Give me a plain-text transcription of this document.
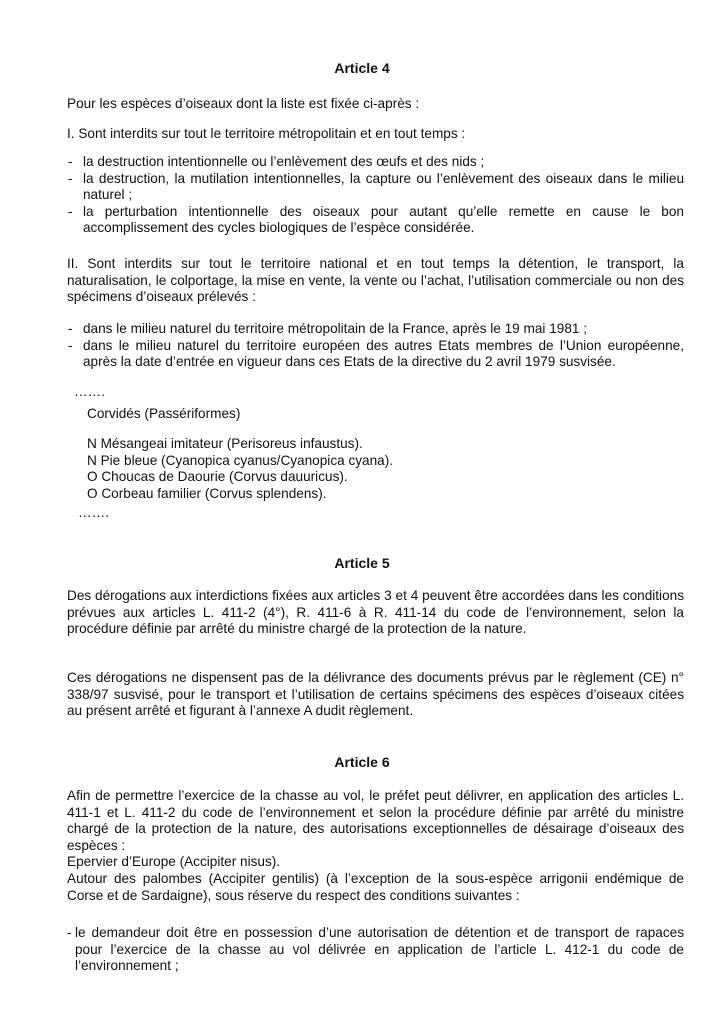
Article 4

Pour les espèces d’oiseaux dont la liste est fixée ci-après :

I. Sont interdits sur tout le territoire métropolitain et en tout temps :

- la destruction intentionnelle ou l’enlèvement des œufs et des nids ;
- la destruction, la mutilation intentionnelles, la capture ou l’enlèvement des oiseaux dans le milieu naturel ;
- la perturbation intentionnelle des oiseaux pour autant qu’elle remette en cause le bon accomplissement des cycles biologiques de l’espèce considérée.

II. Sont interdits sur tout le territoire national et en tout temps la détention, le transport, la naturalisation, le colportage, la mise en vente, la vente ou l’achat, l’utilisation commerciale ou non des spécimens d’oiseaux prélevés :

- dans le milieu naturel du territoire métropolitain de la France, après le 19 mai 1981 ;
- dans le milieu naturel du territoire européen des autres Etats membres de l’Union européenne, après la date d’entrée en vigueur dans ces Etats de la directive du 2 avril 1979 susvisée.
…….
Corvidés (Passériformes)
N Mésangeai imitateur (Perisoreus infaustus).
N Pie bleue (Cyanopica cyanus/Cyanopica cyana).
O Choucas de Daourie (Corvus dauuricus).
O Corbeau familier (Corvus splendens).
…….
Article 5

Des dérogations aux interdictions fixées aux articles 3 et 4 peuvent être accordées dans les conditions prévues aux articles L. 411-2 (4°), R. 411-6 à R. 411-14 du code de l’environnement, selon la procédure définie par arrêté du ministre chargé de la protection de la nature.

Ces dérogations ne dispensent pas de la délivrance des documents prévus par le règlement (CE) n° 338/97 susvisé, pour le transport et l’utilisation de certains spécimens des espèces d’oiseaux citées au présent arrêté et figurant à l’annexe A dudit règlement.

Article 6

Afin de permettre l’exercice de la chasse au vol, le préfet peut délivrer, en application des articles L. 411-1 et L. 411-2 du code de l’environnement et selon la procédure définie par arrêté du ministre chargé de la protection de la nature, des autorisations exceptionnelles de désairage d’oiseaux des espèces :

Epervier d’Europe (Accipiter nisus).

Autour des palombes (Accipiter gentilis) (à l’exception de la sous-espèce arrigonii endémique de Corse et de Sardaigne), sous réserve du respect des conditions suivantes :

- le demandeur doit être en possession d’une autorisation de détention et de transport de rapaces pour l’exercice de la chasse au vol délivrée en application de l’article L. 412-1 du code de l’environnement ;
